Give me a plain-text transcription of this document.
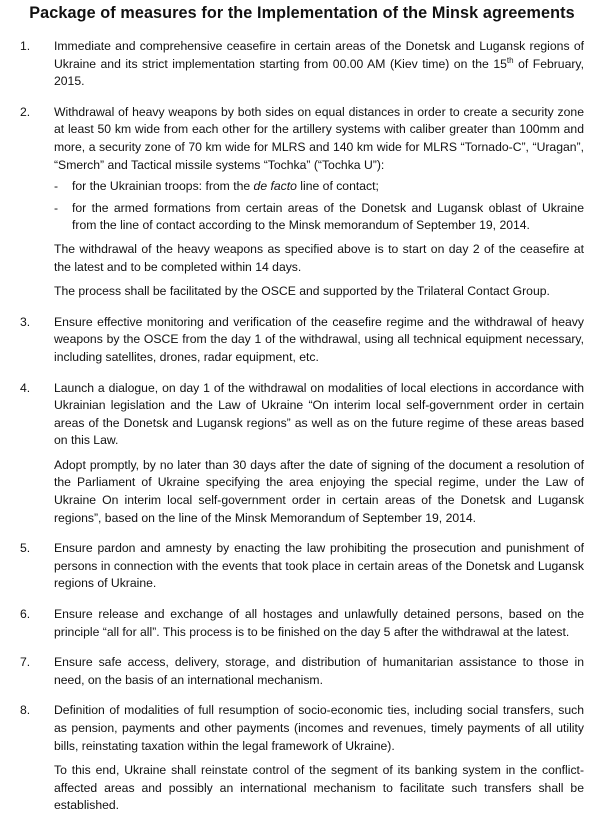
Package of measures for the Implementation of the Minsk agreements
1.	Immediate and comprehensive ceasefire in certain areas of the Donetsk and Lugansk regions of Ukraine and its strict implementation starting from 00.00 AM (Kiev time) on the 15th of February, 2015.

2.	Withdrawal of heavy weapons by both sides on equal distances in order to create a security zone at least 50 km wide from each other for the artillery systems with caliber greater than 100mm and more, a security zone of 70 km wide for MLRS and 140 km wide for MLRS “Tornado-C”, “Uragan”, “Smerch” and Tactical missile systems “Tochka” (“Tochka U”):

-	for the Ukrainian troops: from the de facto line of contact;

-	for the armed formations from certain areas of the Donetsk and Lugansk oblast of Ukraine from the line of contact according to the Minsk memorandum of September 19, 2014.

The withdrawal of the heavy weapons as specified above is to start on day 2 of the ceasefire at the latest and to be completed within 14 days.

The process shall be facilitated by the OSCE and supported by the Trilateral Contact Group.

3.	Ensure effective monitoring and verification of the ceasefire regime and the withdrawal of heavy weapons by the OSCE from the day 1 of the withdrawal, using all technical equipment necessary, including satellites, drones, radar equipment, etc.

4.	Launch a dialogue, on day 1 of the withdrawal on modalities of local elections in accordance with Ukrainian legislation and the Law of Ukraine “On interim local self-government order in certain areas of the Donetsk and Lugansk regions” as well as on the future regime of these areas based on this Law.

Adopt promptly, by no later than 30 days after the date of signing of the document a resolution of the Parliament of Ukraine specifying the area enjoying the special regime, under the Law of Ukraine On interim local self-government order in certain areas of the Donetsk and Lugansk regions”, based on the line of the Minsk Memorandum of September 19, 2014.

5.	Ensure pardon and amnesty by enacting the law prohibiting the prosecution and punishment of persons in connection with the events that took place in certain areas of the Donetsk and Lugansk regions of Ukraine.

6.	Ensure release and exchange of all hostages and unlawfully detained persons, based on the principle “all for all”. This process is to be finished on the day 5 after the withdrawal at the latest.

7.	Ensure safe access, delivery, storage, and distribution of humanitarian assistance to those in need, on the basis of an international mechanism.

8.	Definition of modalities of full resumption of socio-economic ties, including social transfers, such as pension, payments and other payments (incomes and revenues, timely payments of all utility bills, reinstating taxation within the legal framework of Ukraine).

To this end, Ukraine shall reinstate control of the segment of its banking system in the conflict-affected areas and possibly an international mechanism to facilitate such transfers shall be established.
